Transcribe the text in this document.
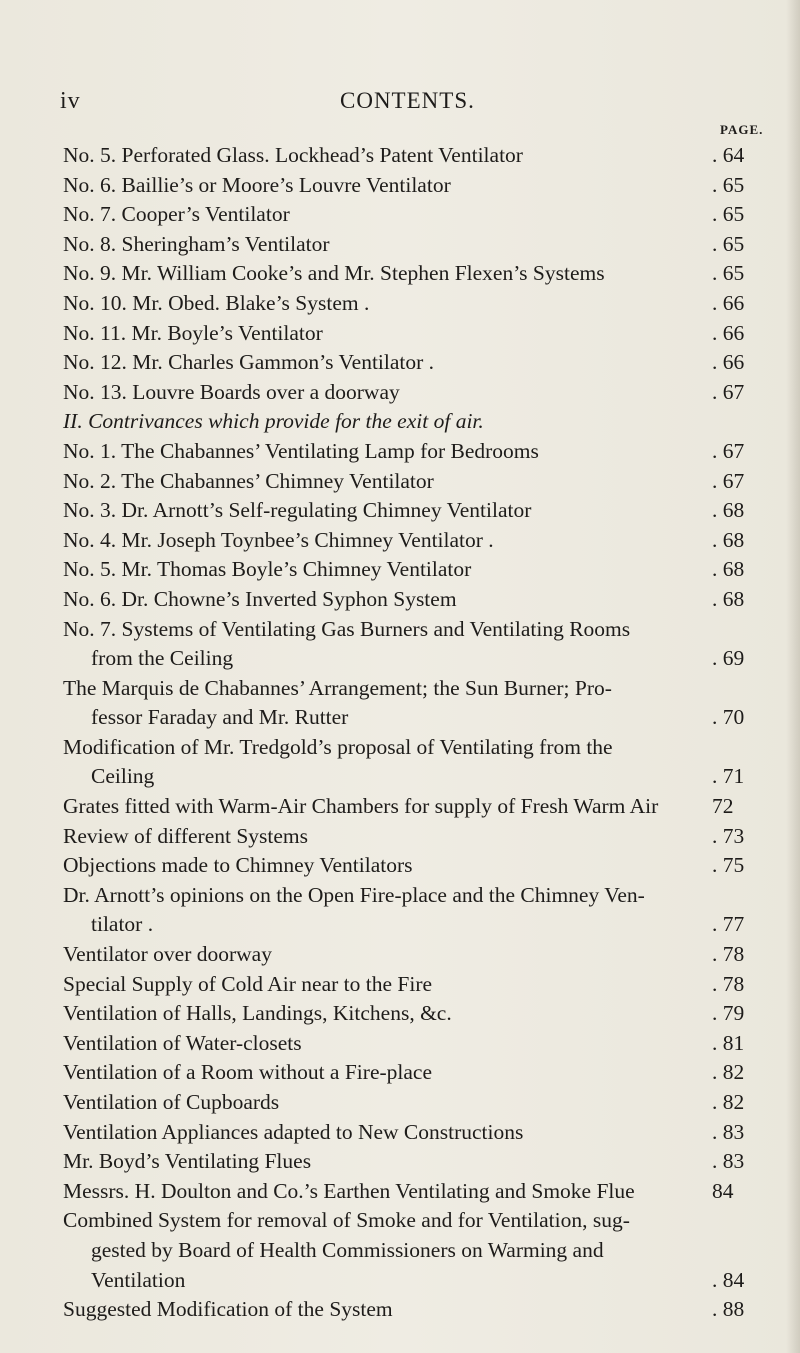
iv	CONTENTS.
PAGE.
No. 5. Perforated Glass. Lockhead’s Patent Ventilator	. 64
No. 6. Baillie’s or Moore’s Louvre Ventilator	. 65
No. 7. Cooper’s Ventilator	. 65
No. 8. Sheringham’s Ventilator	. 65
No. 9. Mr. William Cooke’s and Mr. Stephen Flexen’s Systems	. 65
No. 10. Mr. Obed. Blake’s System .	. 66
No. 11. Mr. Boyle’s Ventilator	. 66
No. 12. Mr. Charles Gammon’s Ventilator .	. 66
No. 13. Louvre Boards over a doorway	. 67
II. Contrivances which provide for the exit of air.
No. 1. The Chabannes’ Ventilating Lamp for Bedrooms	. 67
No. 2. The Chabannes’ Chimney Ventilator	. 67
No. 3. Dr. Arnott’s Self-regulating Chimney Ventilator	. 68
No. 4. Mr. Joseph Toynbee’s Chimney Ventilator .	. 68
No. 5. Mr. Thomas Boyle’s Chimney Ventilator	. 68
No. 6. Dr. Chowne’s Inverted Syphon System	. 68
No. 7. Systems of Ventilating Gas Burners and Ventilating Rooms
from the Ceiling	. 69
The Marquis de Chabannes’ Arrangement; the Sun Burner; Pro-
fessor Faraday and Mr. Rutter	. 70
Modification of Mr. Tredgold’s proposal of Ventilating from the
Ceiling	. 71
Grates fitted with Warm-Air Chambers for supply of Fresh Warm Air	72
Review of different Systems	. 73
Objections made to Chimney Ventilators	. 75
Dr. Arnott’s opinions on the Open Fire-place and the Chimney Ven-
tilator .	. 77
Ventilator over doorway	. 78
Special Supply of Cold Air near to the Fire	. 78
Ventilation of Halls, Landings, Kitchens, &c.	. 79
Ventilation of Water-closets	. 81
Ventilation of a Room without a Fire-place	. 82
Ventilation of Cupboards	. 82
Ventilation Appliances adapted to New Constructions	. 83
Mr. Boyd’s Ventilating Flues	. 83
Messrs. H. Doulton and Co.’s Earthen Ventilating and Smoke Flue	84
Combined System for removal of Smoke and for Ventilation, sug-
gested by Board of Health Commissioners on Warming and
Ventilation	. 84
Suggested Modification of the System	. 88
